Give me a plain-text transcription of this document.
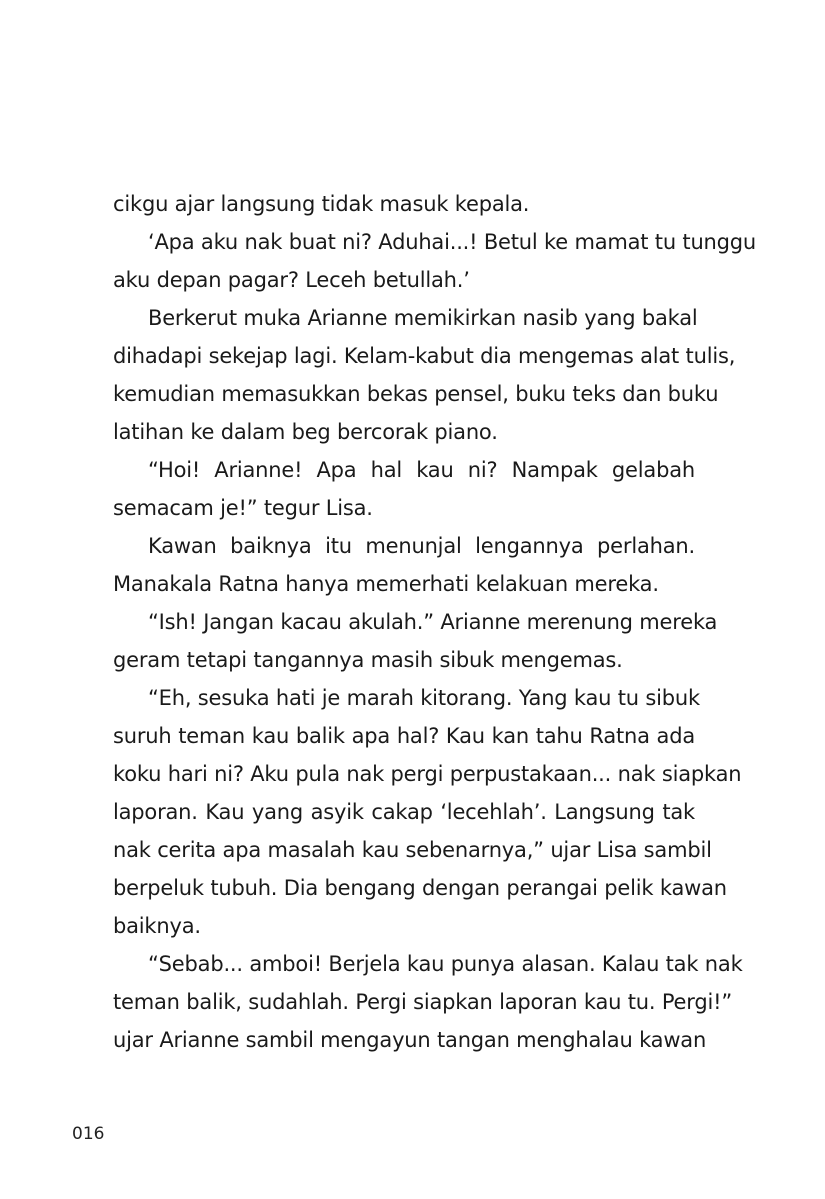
cikgu ajar langsung tidak masuk kepala.

‘Apa aku nak buat ni? Aduhai...! Betul ke mamat tu tunggu
aku depan pagar? Leceh betullah.’

Berkerut muka Arianne memikirkan nasib yang bakal
dihadapi sekejap lagi. Kelam-kabut dia mengemas alat tulis,
kemudian memasukkan bekas pensel, buku teks dan buku
latihan ke dalam beg bercorak piano.

“Hoi! Arianne! Apa hal kau ni? Nampak gelabah
semacam je!” tegur Lisa.

Kawan baiknya itu menunjal lengannya perlahan.
Manakala Ratna hanya memerhati kelakuan mereka.

“Ish! Jangan kacau akulah.” Arianne merenung mereka
geram tetapi tangannya masih sibuk mengemas.

“Eh, sesuka hati je marah kitorang. Yang kau tu sibuk
suruh teman kau balik apa hal? Kau kan tahu Ratna ada
koku hari ni? Aku pula nak pergi perpustakaan... nak siapkan
laporan. Kau yang asyik cakap ‘lecehlah’. Langsung tak
nak cerita apa masalah kau sebenarnya,” ujar Lisa sambil
berpeluk tubuh. Dia bengang dengan perangai pelik kawan
baiknya.

“Sebab... amboi! Berjela kau punya alasan. Kalau tak nak
teman balik, sudahlah. Pergi siapkan laporan kau tu. Pergi!”
ujar Arianne sambil mengayun tangan menghalau kawan

016
